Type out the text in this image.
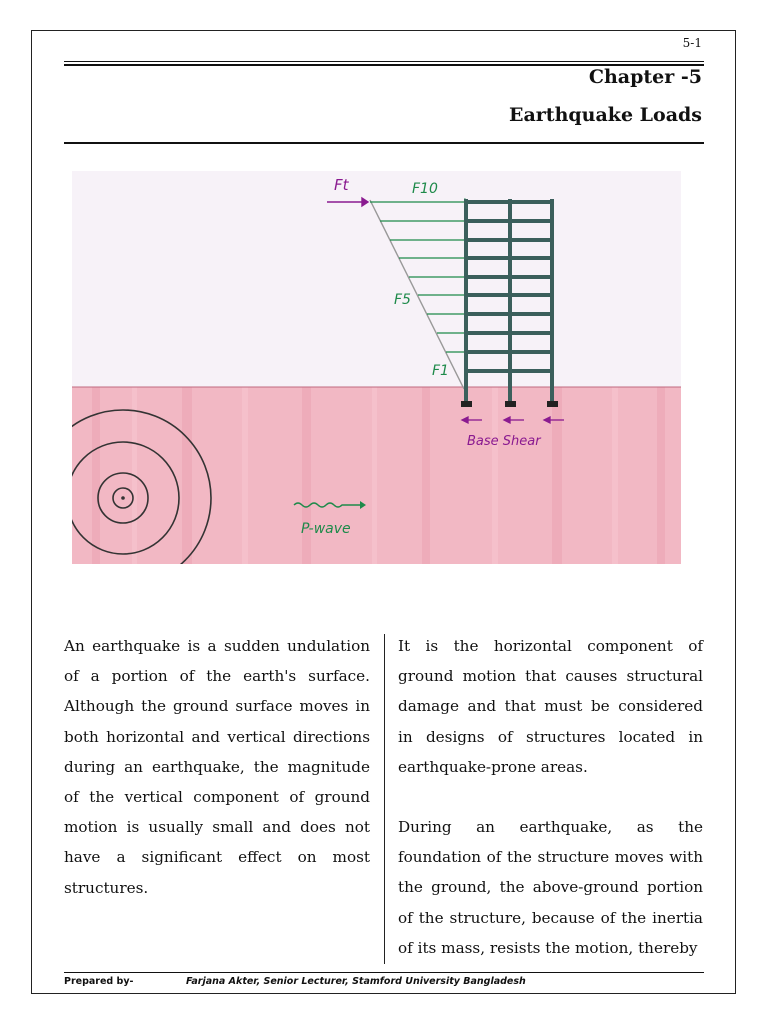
5-1
Chapter -5
Earthquake Loads
Ft	F10
F5
F1
Base Shear
P-wave

An earthquake is a sudden undulation of a portion of the earth's surface. Although the ground surface moves in both horizontal and vertical directions during an earthquake, the magnitude of the vertical component of ground motion is usually small and does not have a significant effect on most structures.

It is the horizontal component of ground motion that causes structural damage and that must be considered in designs of structures located in earthquake-prone areas.

During an earthquake, as the foundation of the structure moves with the ground, the above-ground portion of the structure, because of the inertia of its mass, resists the motion, thereby

Prepared by-	Farjana Akter, Senior Lecturer, Stamford University Bangladesh
